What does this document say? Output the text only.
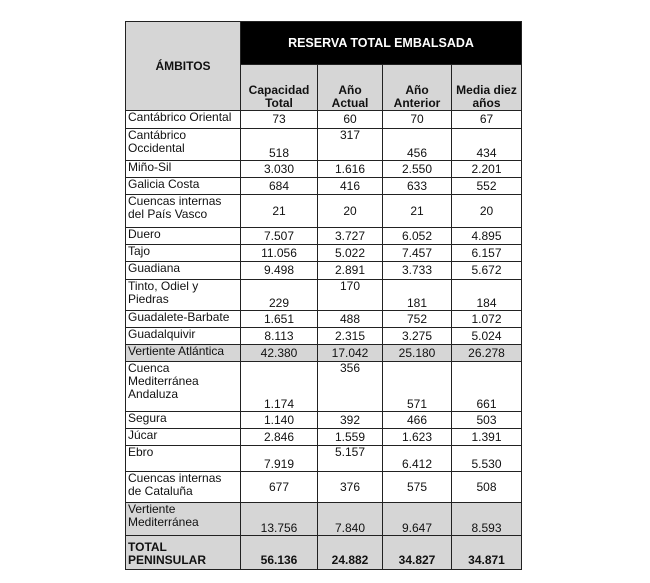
ÁMBITOS	RESERVA TOTAL EMBALSADA			
	Capacidad Total	Año Actual	Año Anterior	Media diez años
Cantábrico Oriental	73	60	70	67
Cantábrico Occidental	518	317	456	434
Miño-Sil	3.030	1.616	2.550	2.201
Galicia Costa	684	416	633	552
Cuencas internas del País Vasco	21	20	21	20
Duero	7.507	3.727	6.052	4.895
Tajo	11.056	5.022	7.457	6.157
Guadiana	9.498	2.891	3.733	5.672
Tinto, Odiel y Piedras	229	170	181	184
Guadalete-Barbate	1.651	488	752	1.072
Guadalquivir	8.113	2.315	3.275	5.024
Vertiente Atlántica	42.380	17.042	25.180	26.278
Cuenca Mediterránea Andaluza	1.174	356	571	661
Segura	1.140	392	466	503
Júcar	2.846	1.559	1.623	1.391
Ebro	7.919	5.157	6.412	5.530
Cuencas internas de Cataluña	677	376	575	508
Vertiente Mediterránea	13.756	7.840	9.647	8.593
TOTAL PENINSULAR	56.136	24.882	34.827	34.871
